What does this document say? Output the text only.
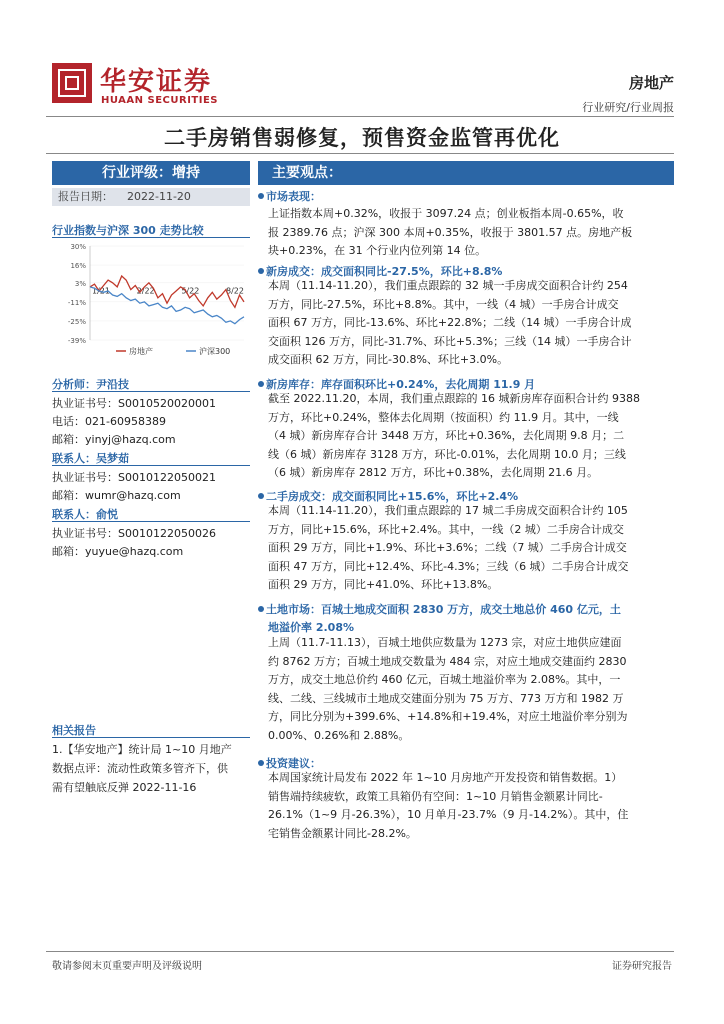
华安证券
HUAAN SECURITIES
房地产
行业研究/行业周报
二手房销售弱修复，预售资金监管再优化
行业评级：增持
报告日期： 2022-11-20
行业指数与沪深 300 走势比较
30%
16%
3%
-11%
-25%
-39%
1/21	2/22	5/22	8/22
房地产	沪深300
分析师：尹沿技
执业证书号：S0010520020001
电话：021-60958389
邮箱：yinyj@hazq.com
联系人：吴梦茹
执业证书号：S0010122050021
邮箱：wumr@hazq.com
联系人：俞悦
执业证书号：S0010122050026
邮箱：yuyue@hazq.com
相关报告
1.【华安地产】统计局 1~10 月地产
数据点评：流动性政策多管齐下，供
需有望触底反弹 2022-11-16
主要观点：
市场表现：
上证指数本周+0.32%，收报于 3097.24 点；创业板指本周-0.65%，收
报 2389.76 点；沪深 300 本周+0.35%，收报于 3801.57 点。房地产板
块+0.23%，在 31 个行业内位列第 14 位。
新房成交：成交面积同比-27.5%，环比+8.8%
本周（11.14-11.20），我们重点跟踪的 32 城一手房成交面积合计约 254
万方，同比-27.5%，环比+8.8%。其中，一线（4 城）一手房合计成交
面积 67 万方，同比-13.6%、环比+22.8%；二线（14 城）一手房合计成
交面积 126 万方，同比-31.7%、环比+5.3%；三线（14 城）一手房合计
成交面积 62 万方，同比-30.8%、环比+3.0%。
新房库存：库存面积环比+0.24%，去化周期 11.9 月
截至 2022.11.20，本周，我们重点跟踪的 16 城新房库存面积合计约 9388
万方，环比+0.24%，整体去化周期（按面积）约 11.9 月。其中，一线
（4 城）新房库存合计 3448 万方，环比+0.36%，去化周期 9.8 月；二
线（6 城）新房库存 3128 万方，环比-0.01%，去化周期 10.0 月；三线
（6 城）新房库存 2812 万方，环比+0.38%，去化周期 21.6 月。
二手房成交：成交面积同比+15.6%，环比+2.4%
本周（11.14-11.20），我们重点跟踪的 17 城二手房成交面积合计约 105
万方，同比+15.6%，环比+2.4%。其中，一线（2 城）二手房合计成交
面积 29 万方，同比+1.9%、环比+3.6%；二线（7 城）二手房合计成交
面积 47 万方，同比+12.4%、环比-4.3%；三线（6 城）二手房合计成交
面积 29 万方，同比+41.0%、环比+13.8%。
土地市场：百城土地成交面积 2830 万方，成交土地总价 460 亿元，土
地溢价率 2.08%
上周（11.7-11.13），百城土地供应数量为 1273 宗，对应土地供应建面
约 8762 万方；百城土地成交数量为 484 宗，对应土地成交建面约 2830
万方，成交土地总价约 460 亿元，百城土地溢价率为 2.08%。其中，一
线、二线、三线城市土地成交建面分别为 75 万方、773 万方和 1982 万
方，同比分别为+399.6%、+14.8%和+19.4%，对应土地溢价率分别为
0.00%、0.26%和 2.88%。
投资建议：
本周国家统计局发布 2022 年 1~10 月房地产开发投资和销售数据。1）
销售端持续疲软，政策工具箱仍有空间：1~10 月销售金额累计同比-
26.1%（1~9 月-26.3%），10 月单月-23.7%（9 月-14.2%）。其中，住
宅销售金额累计同比-28.2%。
敬请参阅末页重要声明及评级说明	证券研究报告
